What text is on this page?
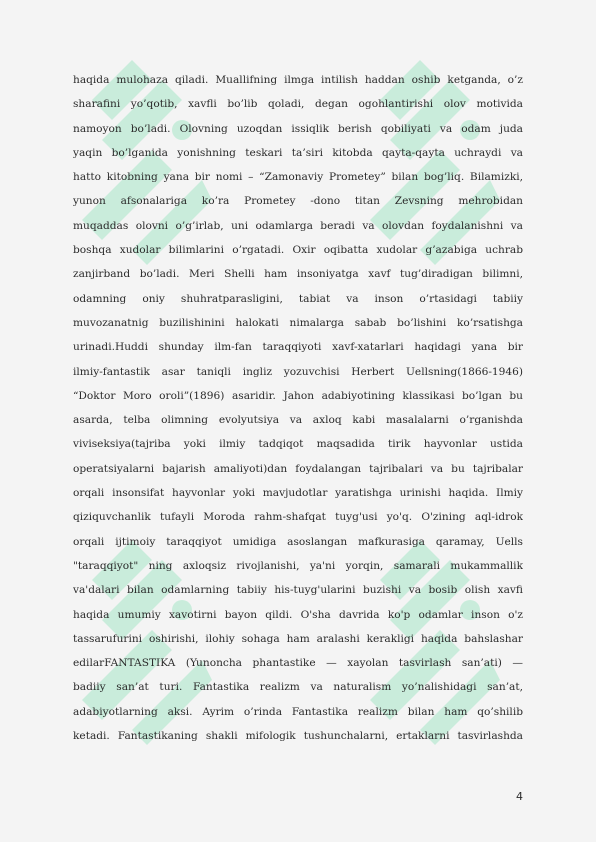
haqida mulohaza qiladi. Muallifning ilmga intilish haddan oshib ketganda, o’z
sharafini yo’qotib, xavfli bo’lib qoladi, degan ogohlantirishi olov motivida
namoyon bo’ladi. Olovning uzoqdan issiqlik berish qobiliyati va odam juda
yaqin bo’lganida yonishning teskari ta’siri kitobda qayta-qayta uchraydi va
hatto kitobning yana bir nomi – “Zamonaviy Prometey” bilan bog’liq. Bilamizki,
yunon afsonalariga ko’ra Prometey -dono titan Zevsning mehrobidan
muqaddas olovni o’g’irlab, uni odamlarga beradi va olovdan foydalanishni va
boshqa xudolar bilimlarini o’rgatadi. Oxir oqibatta xudolar g’azabiga uchrab
zanjirband bo’ladi. Meri Shelli ham insoniyatga xavf tug’diradigan bilimni,
odamning oniy shuhratparasligini, tabiat va inson o’rtasidagi tabiiy
muvozanatnig buzilishinini halokati nimalarga sabab bo’lishini ko’rsatishga
urinadi.Huddi shunday ilm-fan taraqqiyoti xavf-xatarlari haqidagi yana bir
ilmiy-fantastik asar taniqli ingliz yozuvchisi Herbert Uellsning(1866-1946)
“Doktor Moro oroli”(1896) asaridir. Jahon adabiyotining klassikasi bo’lgan bu
asarda, telba olimning evolyutsiya va axloq kabi masalalarni o’rganishda
viviseksiya(tajriba yoki ilmiy tadqiqot maqsadida tirik hayvonlar ustida
operatsiyalarni bajarish amaliyoti)dan foydalangan tajribalari va bu tajribalar
orqali insonsifat hayvonlar yoki mavjudotlar yaratishga urinishi haqida. Ilmiy
qiziquvchanlik tufayli Moroda rahm-shafqat tuyg'usi yo'q. O'zining aql-idrok
orqali ijtimoiy taraqqiyot umidiga asoslangan mafkurasiga qaramay, Uells
"taraqqiyot" ning axloqsiz rivojlanishi, ya'ni yorqin, samarali mukammallik
va'dalari bilan odamlarning tabiiy his-tuyg'ularini buzishi va bosib olish xavfi
haqida umumiy xavotirni bayon qildi. O'sha davrida ko'p odamlar inson o'z
tassarufurini oshirishi, ilohiy sohaga ham aralashi kerakligi haqida bahslashar
edilarFANTASTIKA (Yunoncha phantastike — xayolan tasvirlash san’ati) —
badiiy san’at turi. Fantastika realizm va naturalism yo’nalishidagi san’at,
adabiyotlarning aksi. Ayrim o’rinda Fantastika realizm bilan ham qo’shilib
ketadi. Fantastikaning shakli mifologik tushunchalarni, ertaklarni tasvirlashda
4
